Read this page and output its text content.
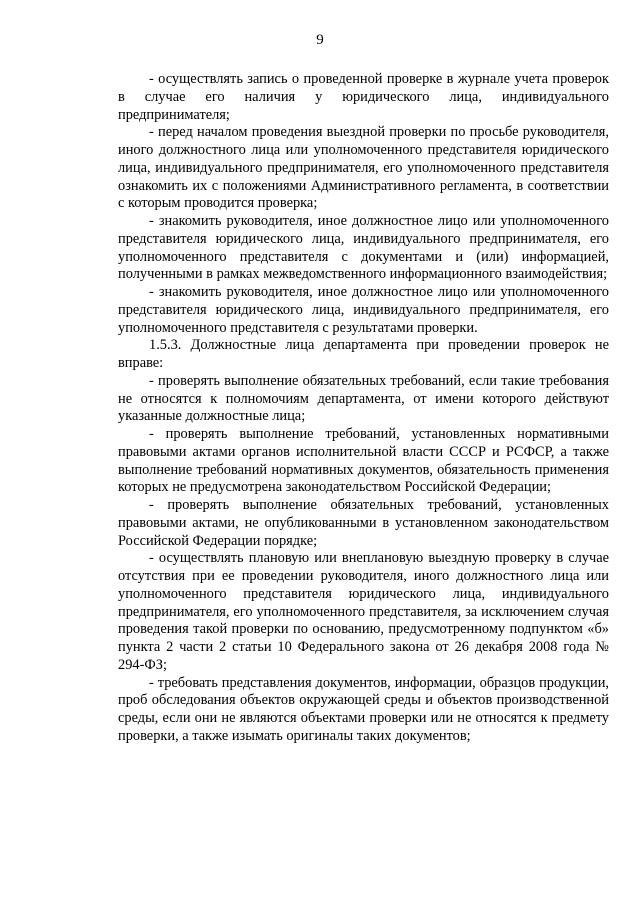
9

- осуществлять запись о проведенной проверке в журнале учета проверок в случае его наличия у юридического лица, индивидуального предпринимателя;

- перед началом проведения выездной проверки по просьбе руководителя, иного должностного лица или уполномоченного представителя юридического лица, индивидуального предпринимателя, его уполномоченного представителя ознакомить их с положениями Административного регламента, в соответствии с которым проводится проверка;

- знакомить руководителя, иное должностное лицо или уполномоченного представителя юридического лица, индивидуального предпринимателя, его уполномоченного представителя с документами и (или) информацией, полученными в рамках межведомственного информационного взаимодействия;

- знакомить руководителя, иное должностное лицо или уполномоченного представителя юридического лица, индивидуального предпринимателя, его уполномоченного представителя с результатами проверки.

1.5.3. Должностные лица департамента при проведении проверок не вправе:

- проверять выполнение обязательных требований, если такие требования не относятся к полномочиям департамента, от имени которого действуют указанные должностные лица;

- проверять выполнение требований, установленных нормативными правовыми актами органов исполнительной власти СССР и РСФСР, а также выполнение требований нормативных документов, обязательность применения которых не предусмотрена законодательством Российской Федерации;

- проверять выполнение обязательных требований, установленных правовыми актами, не опубликованными в установленном законодательством Российской Федерации порядке;

- осуществлять плановую или внеплановую выездную проверку в случае отсутствия при ее проведении руководителя, иного должностного лица или уполномоченного представителя юридического лица, индивидуального предпринимателя, его уполномоченного представителя, за исключением случая проведения такой проверки по основанию, предусмотренному подпунктом «б» пункта 2 части 2 статьи 10 Федерального закона от 26 декабря 2008 года № 294-ФЗ;

- требовать представления документов, информации, образцов продукции, проб обследования объектов окружающей среды и объектов производственной среды, если они не являются объектами проверки или не относятся к предмету проверки, а также изымать оригиналы таких документов;
